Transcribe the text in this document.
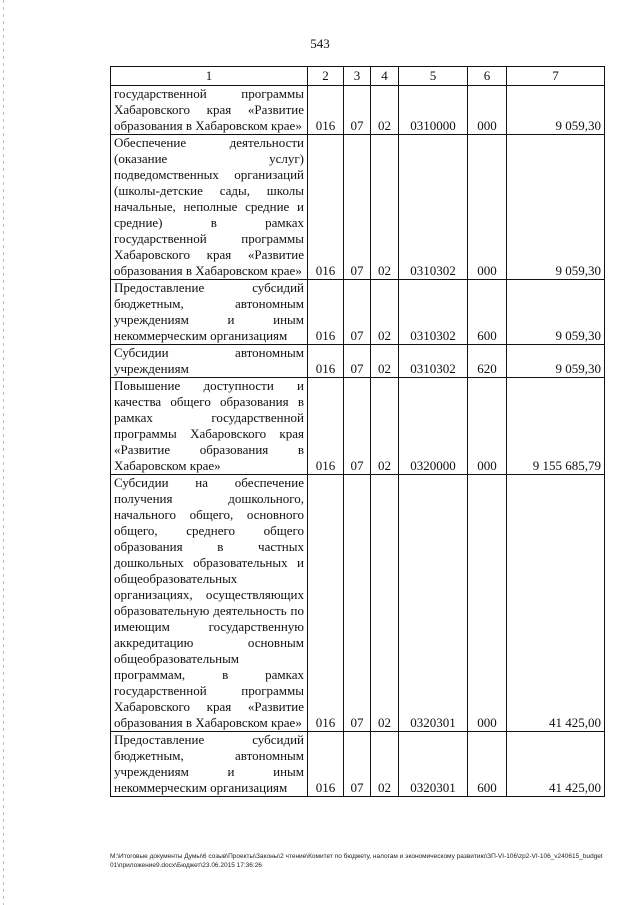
543
1	2	3	4	5	6	7
государственной программы Хабаровского края «Развитие образования в Хабаровском крае»	016	07	02	0310000	000	9 059,30
Обеспечение деятельности (оказание услуг) подведомственных организаций (школы-детские сады, школы начальные, неполные средние и средние) в рамках государственной программы Хабаровского края «Развитие образования в Хабаровском крае»	016	07	02	0310302	000	9 059,30
Предоставление субсидий бюджетным, автономным учреждениям и иным некоммерческим организациям	016	07	02	0310302	600	9 059,30
Субсидии автономным учреждениям	016	07	02	0310302	620	9 059,30
Повышение доступности и качества общего образования в рамках государственной программы Хабаровского края «Развитие образования в Хабаровском крае»	016	07	02	0320000	000	9 155 685,79
Субсидии на обеспечение получения дошкольного, начального общего, основного общего, среднего общего образования в частных дошкольных образовательных и общеобразовательных организациях, осуществляющих образовательную деятельность по имеющим государственную аккредитацию основным общеобразовательным программам, в рамках государственной программы Хабаровского края «Развитие образования в Хабаровском крае»	016	07	02	0320301	000	41 425,00
Предоставление субсидий бюджетным, автономным учреждениям и иным некоммерческим организациям	016	07	02	0320301	600	41 425,00
M:\Итоговые документы Думы\6 созыв\Проекты\Законы\2 чтение\Комитет по бюджету, налогам и экономическому развитию\ЗП-VI-106\zp2-VI-106_v240615_budget01\приложение9.docx\Бюджет\23.06.2015 17:36:26
